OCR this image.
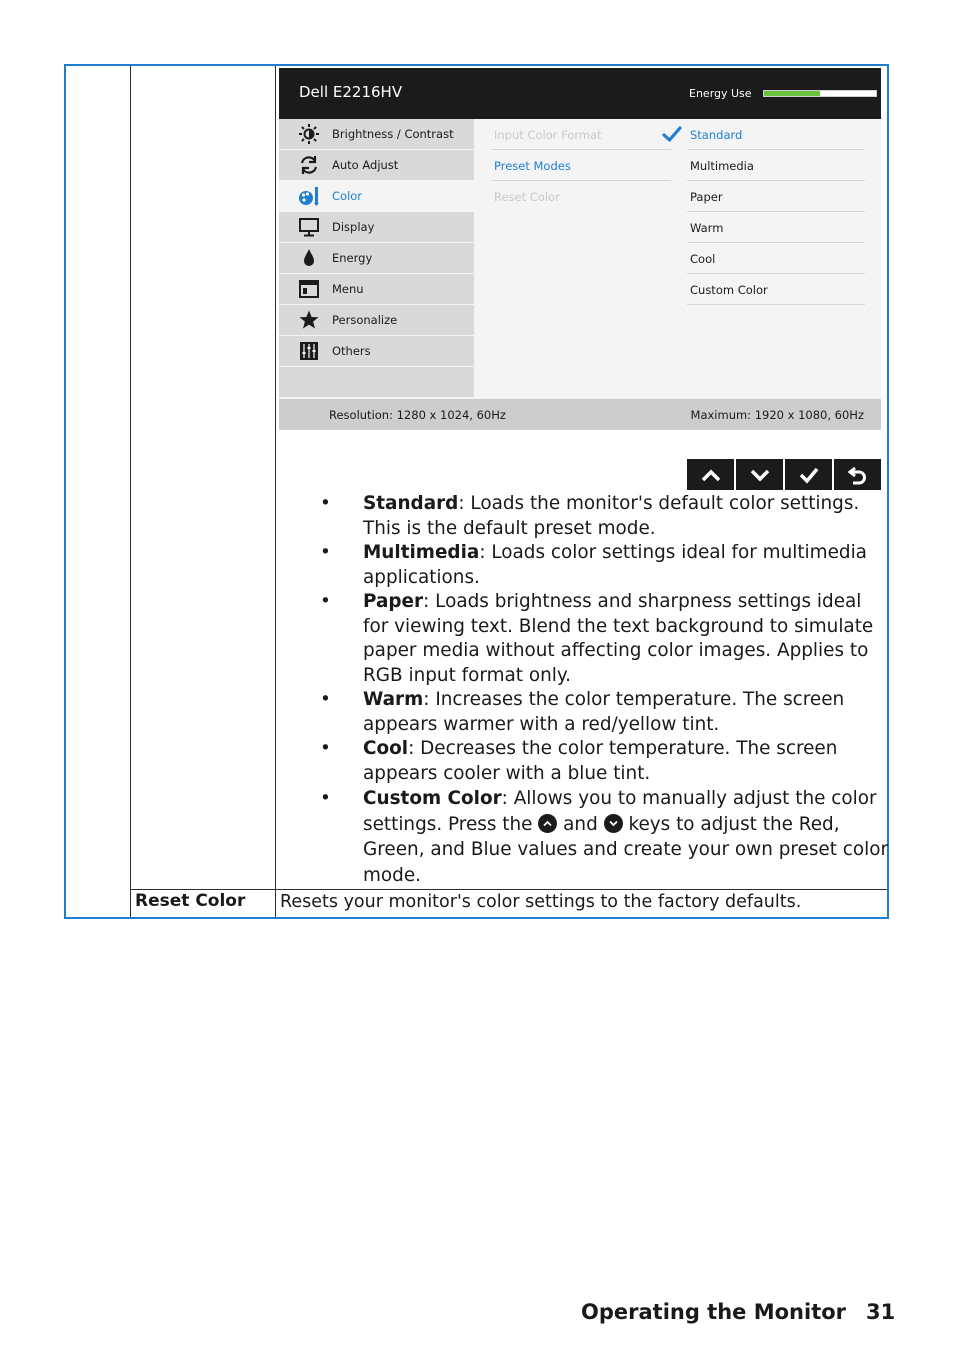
Reset Color Resets your monitor's color settings to the factory defaults.
Dell E2216HV	Energy Use
Brightness / Contrast
Auto Adjust
Color
Display
Energy
Menu
Personalize
Others
Input Color Format
Preset Modes
Reset Color
Standard
Multimedia
Paper
Warm
Cool
Custom Color
Resolution: 1280 x 1024, 60Hz	Maximum: 1920 x 1080, 60Hz
• Standard: Loads the monitor's default color settings. This is the default preset mode.
• Multimedia: Loads color settings ideal for multimedia applications.
• Paper: Loads brightness and sharpness settings ideal for viewing text. Blend the text background to simulate paper media without affecting color images. Applies to RGB input format only.
• Warm: Increases the color temperature. The screen appears warmer with a red/yellow tint.
• Cool: Decreases the color temperature. The screen appears cooler with a blue tint.
• Custom Color: Allows you to manually adjust the color settings. Press the
and
keys to adjust the Red, Green, and Blue values and create your own preset color mode.
Operating the Monitor 31
